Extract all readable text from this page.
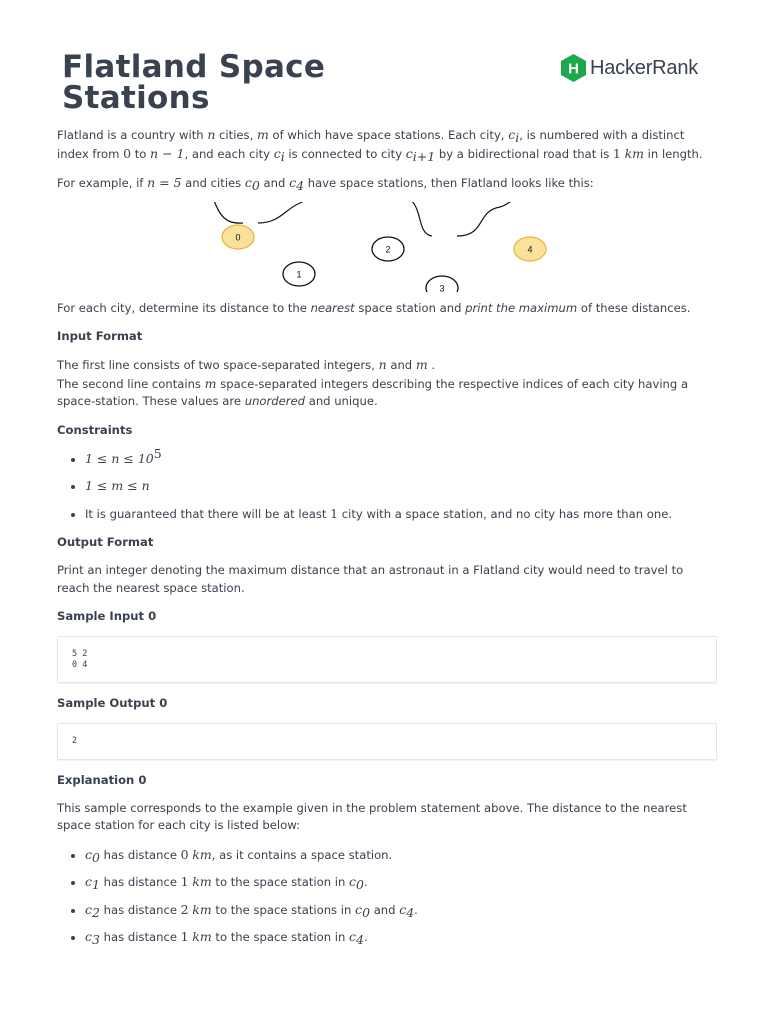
Flatland Space Stations
H HackerRank

Flatland is a country with n cities, m of which have space stations. Each city, $c_i$, is numbered with a distinct index from 0 to n − 1, and each city $c_i$ is connected to city $c_{i+1}$ by a bidirectional road that is 1 km in length.

For example, if n = 5 and cities $c_0$ and $c_4$ have space stations, then Flatland looks like this:

0
1
2
3
4

For each city, determine its distance to the nearest space station and print the maximum of these distances.

Input Format

The first line consists of two space-separated integers, n and m .
The second line contains m space-separated integers describing the respective indices of each city having a space-station. These values are unordered and unique.

Constraints
• $1 \le n \le 10^5$
• 1 ≤ m ≤ n
• It is guaranteed that there will be at least 1 city with a space station, and no city has more than one.
Output Format

Print an integer denoting the maximum distance that an astronaut in a Flatland city would need to travel to reach the nearest space station.

Sample Input 0
5 2
0 4
Sample Output 0
2
Explanation 0

This sample corresponds to the example given in the problem statement above. The distance to the nearest space station for each city is listed below:

• $c_0$ has distance 0 km, as it contains a space station.
• $c_1$ has distance 1 km to the space station in $c_0$.
• $c_2$ has distance 2 km to the space stations in $c_0$ and $c_4$.
• $c_3$ has distance 1 km to the space station in $c_4$.
